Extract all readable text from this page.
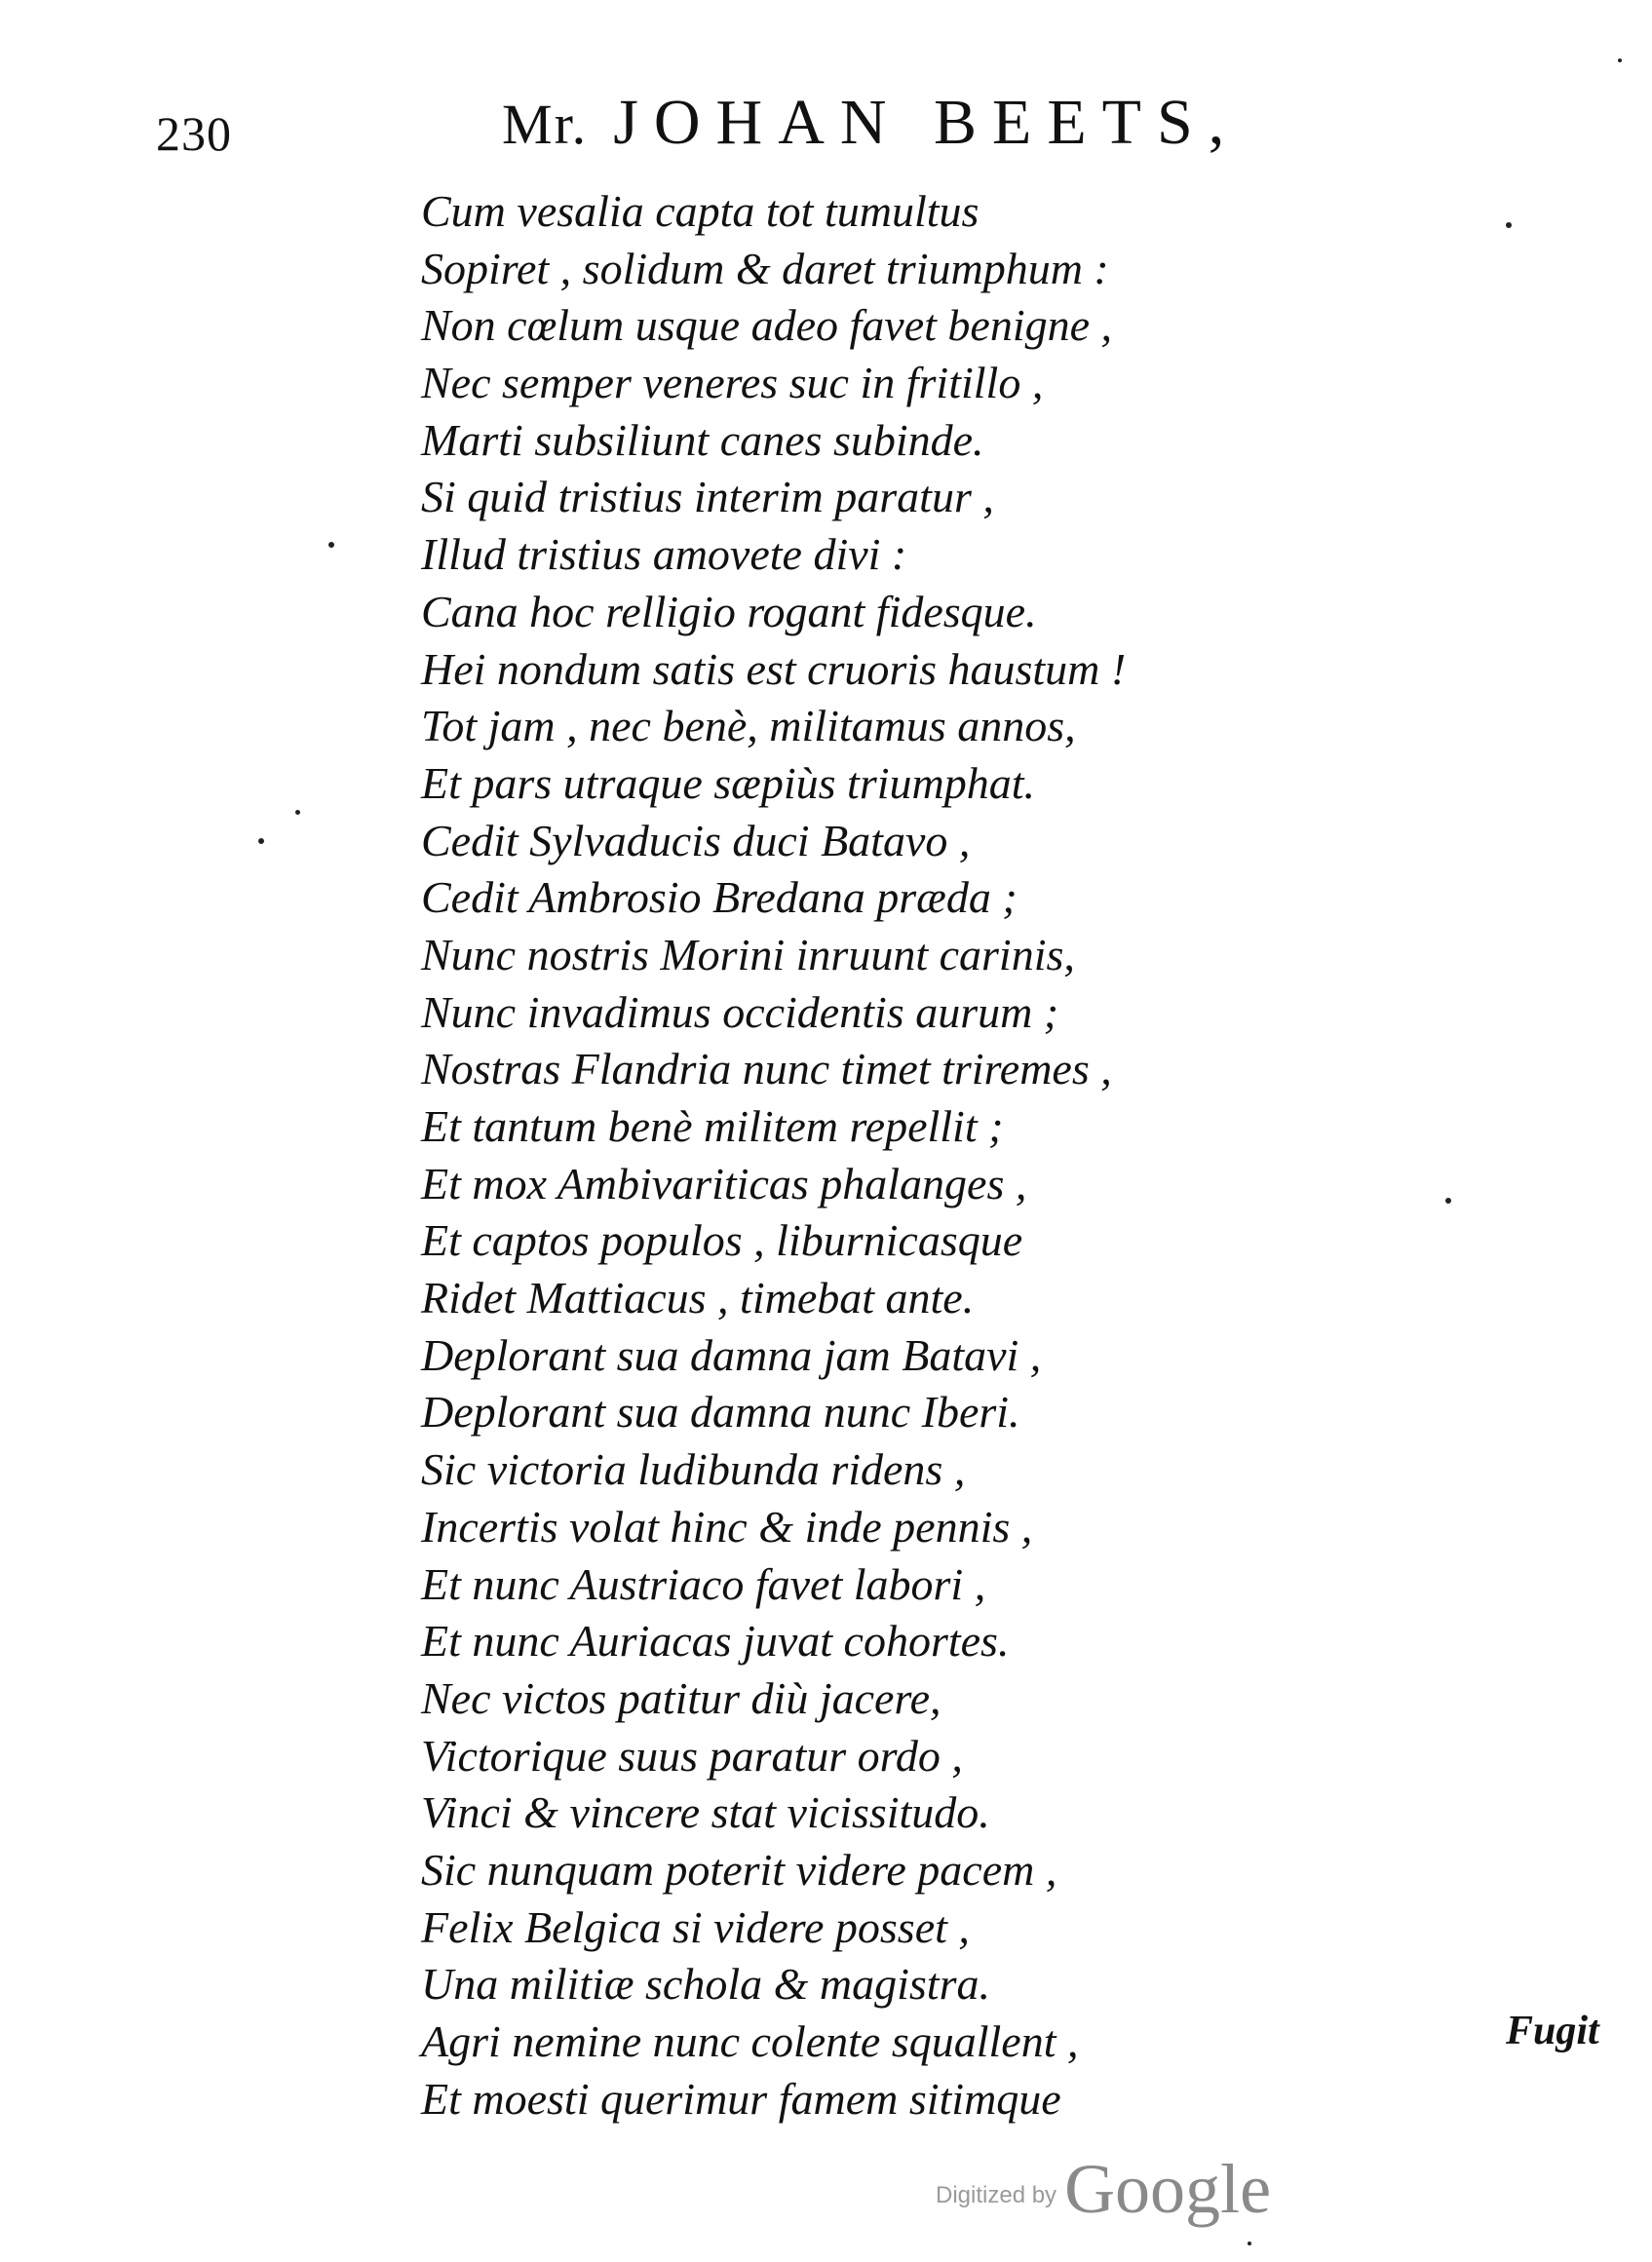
230	Mr. JOHAN BEETS,
Cum vesalia capta tot tumultus
Sopiret , solidum & daret triumphum :
Non cœlum usque adeo favet benigne ,
Nec semper veneres suc in fritillo ,
Marti subsiliunt canes subinde.
Si quid tristius interim paratur ,
Illud tristius amovete divi :
Cana hoc relligio rogant fidesque.
Hei nondum satis est cruoris haustum !
Tot jam , nec benè, militamus annos,
Et pars utraque sæpiùs triumphat.
Cedit Sylvaducis duci Batavo ,
Cedit Ambrosio Bredana præda ;
Nunc nostris Morini inruunt carinis,
Nunc invadimus occidentis aurum ;
Nostras Flandria nunc timet triremes ,
Et tantum benè militem repellit ;
Et mox Ambivariticas phalanges ,
Et captos populos , liburnicasque
Ridet Mattiacus , timebat ante.
Deplorant sua damna jam Batavi ,
Deplorant sua damna nunc Iberi.
Sic victoria ludibunda ridens ,
Incertis volat hinc & inde pennis ,
Et nunc Austriaco favet labori ,
Et nunc Auriacas juvat cohortes.
Nec victos patitur diù jacere,
Victorique suus paratur ordo ,
Vinci & vincere stat vicissitudo.
Sic nunquam poterit videre pacem ,
Felix Belgica si videre posset ,
Una militiæ schola & magistra.
Agri nemine nunc colente squallent ,
Et moesti querimur famem sitimque
Fugit
Digitized by Google
